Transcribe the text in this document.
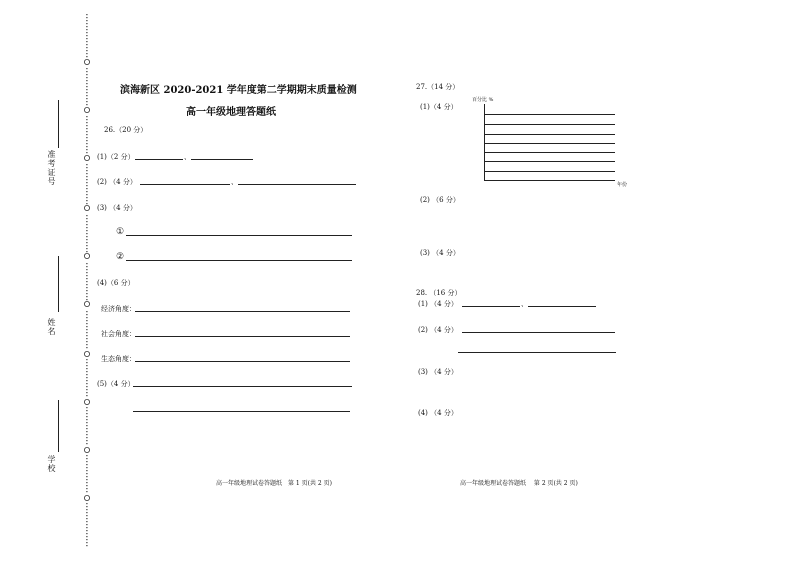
准考证号
姓名
学校
滨海新区 2020-2021 学年度第二学期期末质量检测
高一年级地理答题纸
26.（20 分）
(1)（2 分）	、
(2) （4 分）	、
(3) （4 分）
①
②
(4)（6 分）
经济角度：
社会角度：
生态角度：
(5)（4 分）
高一年级地理试卷答题纸　第 1 页(共 2 页)
27.（14 分）
(1)（4 分）
百分比 %
年份
(2) （6 分）
(3) （4 分）
28. （16 分）
(1) （4 分）	、
(2) （4 分）
(3) （4 分）
(4) （4 分）
高一年级地理试卷答题纸　 第 2 页(共 2 页)
